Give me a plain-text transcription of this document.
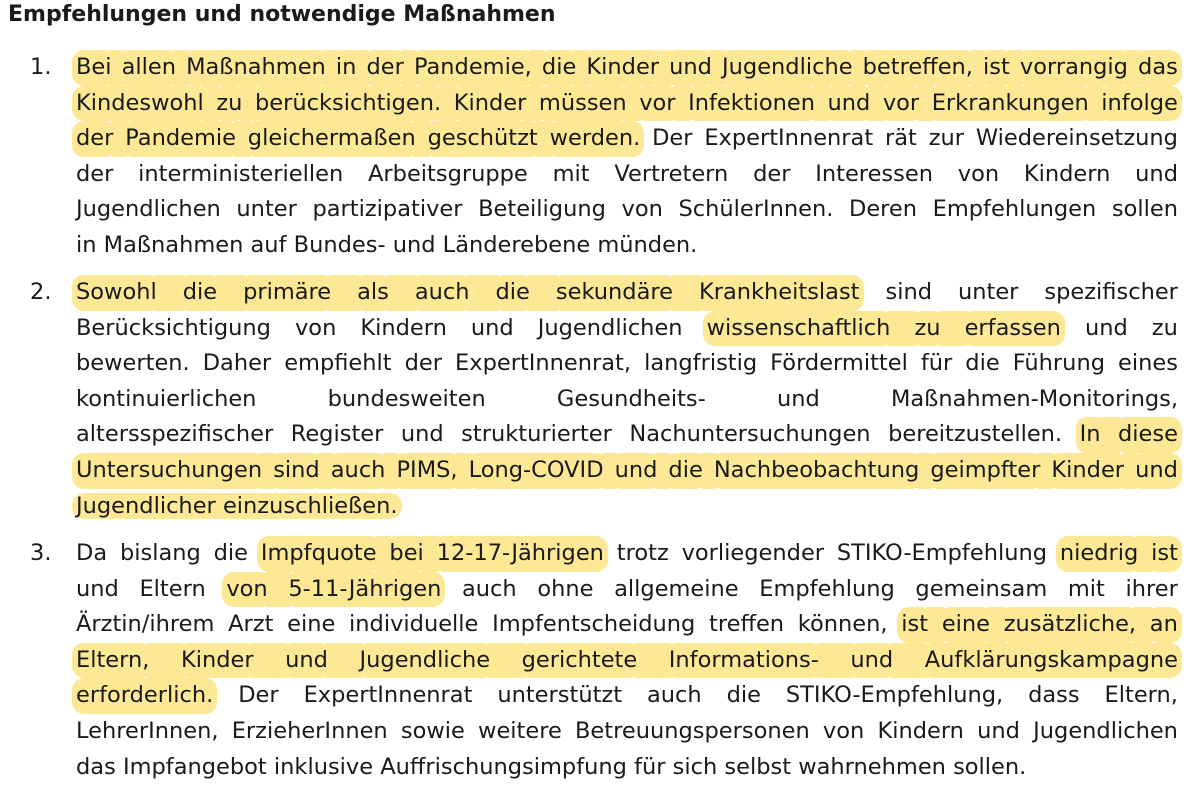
Empfehlungen und notwendige Maßnahmen
1. Bei allen Maßnahmen in der Pandemie, die Kinder und Jugendliche betreffen, ist vorrangig das
Kindeswohl zu berücksichtigen. Kinder müssen vor Infektionen und vor Erkrankungen infolge
der Pandemie gleichermaßen geschützt werden. Der ExpertInnenrat rät zur Wiedereinsetzung
der interministeriellen Arbeitsgruppe mit Vertretern der Interessen von Kindern und
Jugendlichen unter partizipativer Beteiligung von SchülerInnen. Deren Empfehlungen sollen
in Maßnahmen auf Bundes- und Länderebene münden.
2. Sowohl die primäre als auch die sekundäre Krankheitslast sind unter spezifischer
Berücksichtigung von Kindern und Jugendlichen wissenschaftlich zu erfassen und zu
bewerten. Daher empfiehlt der ExpertInnenrat, langfristig Fördermittel für die Führung eines
kontinuierlichen	bundesweiten	Gesundheits-	und	Maßnahmen-Monitorings,
altersspezifischer Register und strukturierter Nachuntersuchungen bereitzustellen. In diese
Untersuchungen sind auch PIMS, Long-COVID und die Nachbeobachtung geimpfter Kinder und
Jugendlicher einzuschließen.
3. Da bislang die Impfquote bei 12-17-Jährigen trotz vorliegender STIKO-Empfehlung niedrig ist
und Eltern von 5-11-Jährigen auch ohne allgemeine Empfehlung gemeinsam mit ihrer
Ärztin/ihrem Arzt eine individuelle Impfentscheidung treffen können, ist eine zusätzliche, an
Eltern, Kinder und Jugendliche gerichtete Informations- und Aufklärungskampagne
erforderlich. Der ExpertInnenrat unterstützt auch die STIKO-Empfehlung, dass Eltern,
LehrerInnen, ErzieherInnen sowie weitere Betreuungspersonen von Kindern und Jugendlichen
das Impfangebot inklusive Auffrischungsimpfung für sich selbst wahrnehmen sollen.
